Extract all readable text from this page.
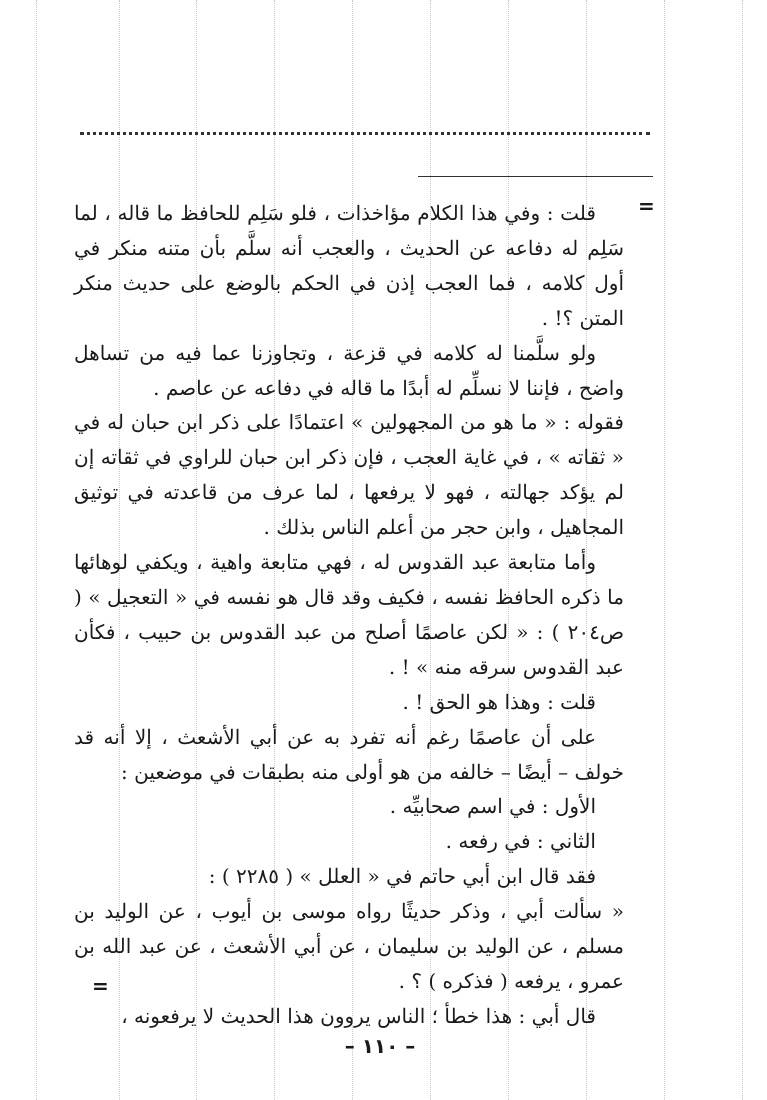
=

قلت : وفي هذا الكلام مؤاخذات ، فلو سَلِم للحافظ ما قاله ، لما سَلِم له دفاعه عن الحديث ، والعجب أنه سلَّم بأن متنه منكر في أول كلامه ، فما العجب إذن في الحكم بالوضع على حديث منكر المتن ؟! .

ولو سلَّمنا له كلامه في قزعة ، وتجاوزنا عما فيه من تساهل واضح ، فإننا لا نسلِّم له أبدًا ما قاله في دفاعه عن عاصم .

فقوله : « ما هو من المجهولين » اعتمادًا على ذكر ابن حبان له في « ثقاته » ، في غاية العجب ، فإن ذكر ابن حبان للراوي في ثقاته إن لم يؤكد جهالته ، فهو لا يرفعها ، لما عرف من قاعدته في توثيق المجاهيل ، وابن حجر من أعلم الناس بذلك .

وأما متابعة عبد القدوس له ، فهي متابعة واهية ، ويكفي لوهائها ما ذكره الحافظ نفسه ، فكيف وقد قال هو نفسه في « التعجيل » ( ص٢٠٤ ) : « لكن عاصمًا أصلح من عبد القدوس بن حبيب ، فكأن عبد القدوس سرقه منه » ! .

قلت : وهذا هو الحق ! .

على أن عاصمًا رغم أنه تفرد به عن أبي الأشعث ، إلا أنه قد خولف – أيضًا – خالفه من هو أولى منه بطبقات في موضعين :

الأول : في اسم صحابيِّه .

الثاني : في رفعه .

فقد قال ابن أبي حاتم في « العلل » ( ٢٢٨٥ ) :

« سألت أبي ، وذكر حديثًا رواه موسى بن أيوب ، عن الوليد بن مسلم ، عن الوليد بن سليمان ، عن أبي الأشعث ، عن عبد الله بن عمرو ، يرفعه ( فذكره ) ؟ .

قال أبي : هذا خطأ ؛ الناس يروون هذا الحديث لا يرفعونه ،

=
– ١١٠ –
